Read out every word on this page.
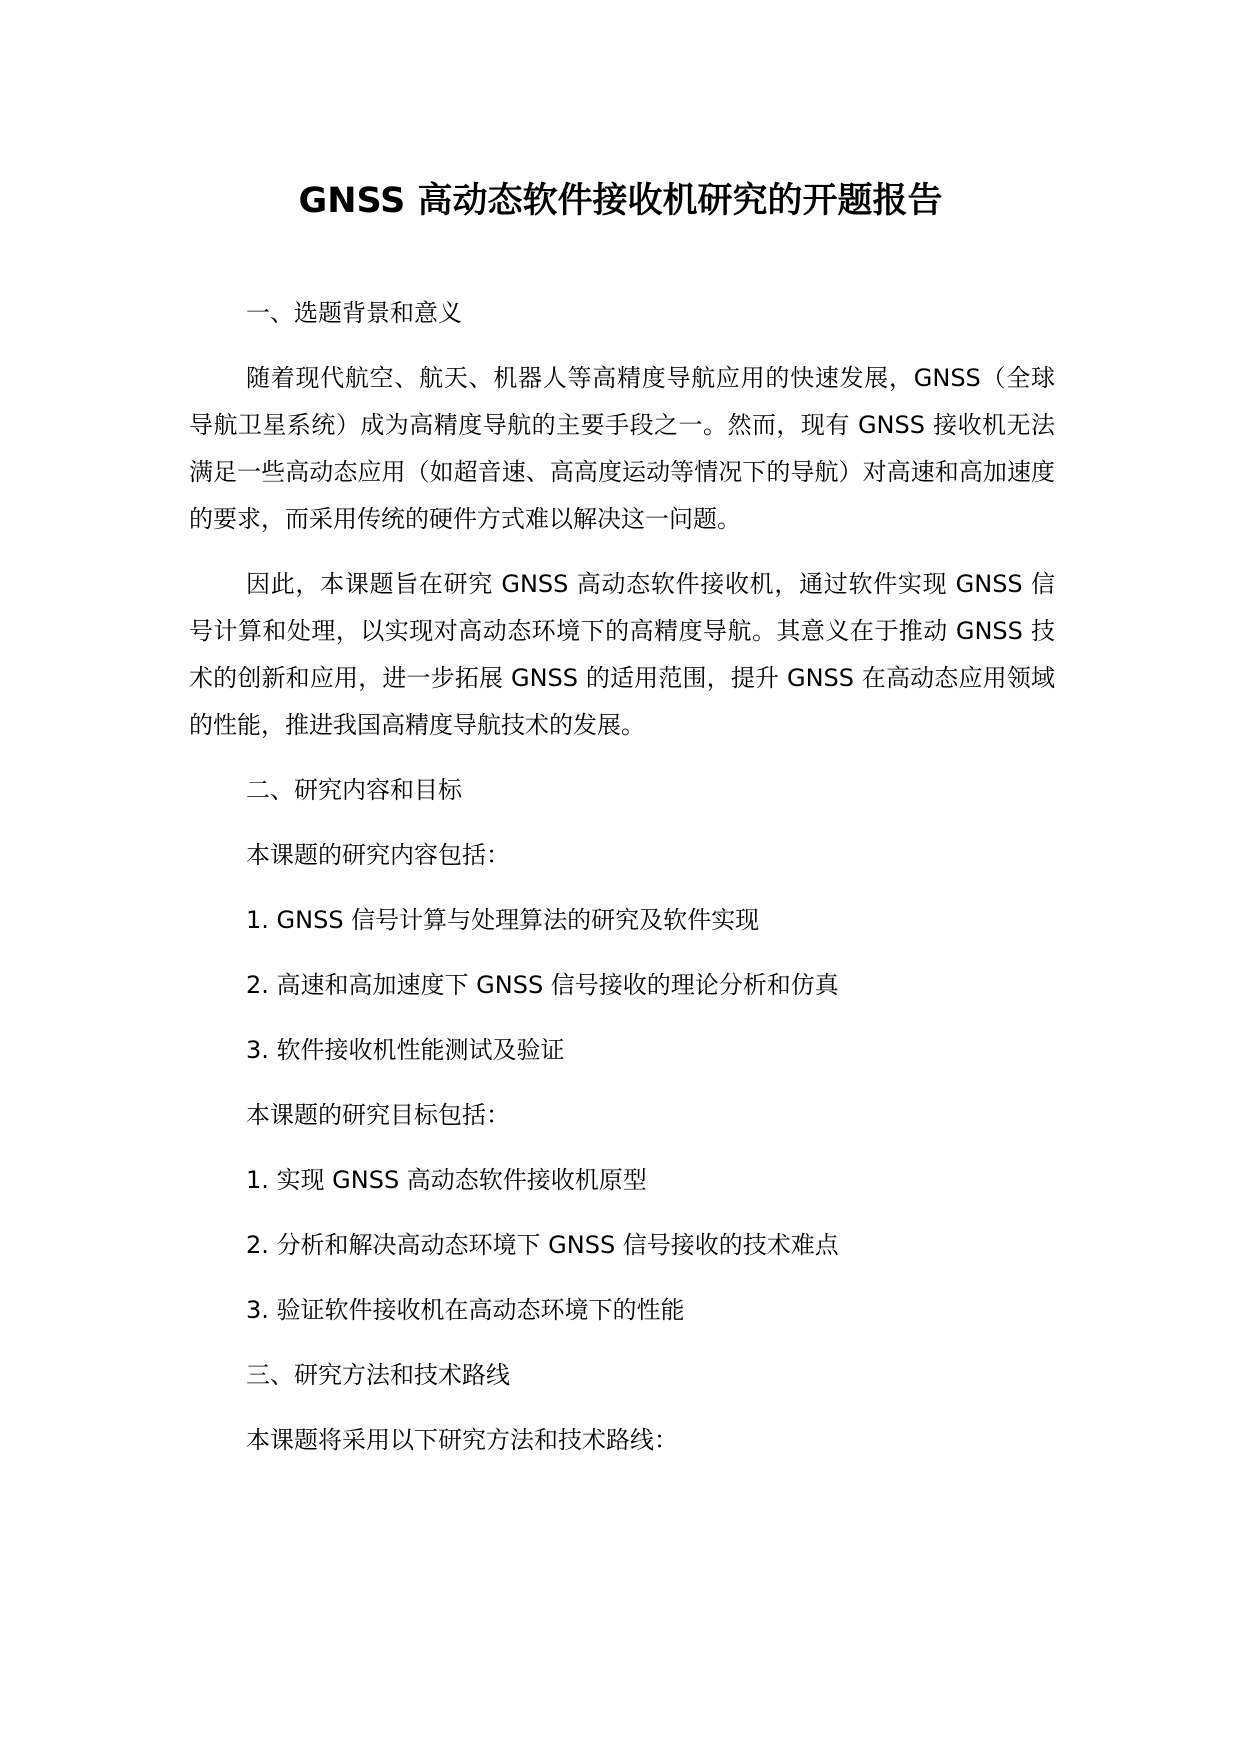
GNSS 高动态软件接收机研究的开题报告

一、选题背景和意义

随着现代航空、航天、机器人等高精度导航应用的快速发展，GNSS（全球导航卫星系统）成为高精度导航的主要手段之一。然而，现有 GNSS 接收机无法满足一些高动态应用（如超音速、高高度运动等情况下的导航）对高速和高加速度的要求，而采用传统的硬件方式难以解决这一问题。

因此，本课题旨在研究 GNSS 高动态软件接收机，通过软件实现 GNSS 信号计算和处理，以实现对高动态环境下的高精度导航。其意义在于推动 GNSS 技术的创新和应用，进一步拓展 GNSS 的适用范围，提升 GNSS 在高动态应用领域的性能，推进我国高精度导航技术的发展。

二、研究内容和目标

本课题的研究内容包括：

1. GNSS 信号计算与处理算法的研究及软件实现

2. 高速和高加速度下 GNSS 信号接收的理论分析和仿真

3. 软件接收机性能测试及验证

本课题的研究目标包括：

1. 实现 GNSS 高动态软件接收机原型

2. 分析和解决高动态环境下 GNSS 信号接收的技术难点

3. 验证软件接收机在高动态环境下的性能

三、研究方法和技术路线

本课题将采用以下研究方法和技术路线：
